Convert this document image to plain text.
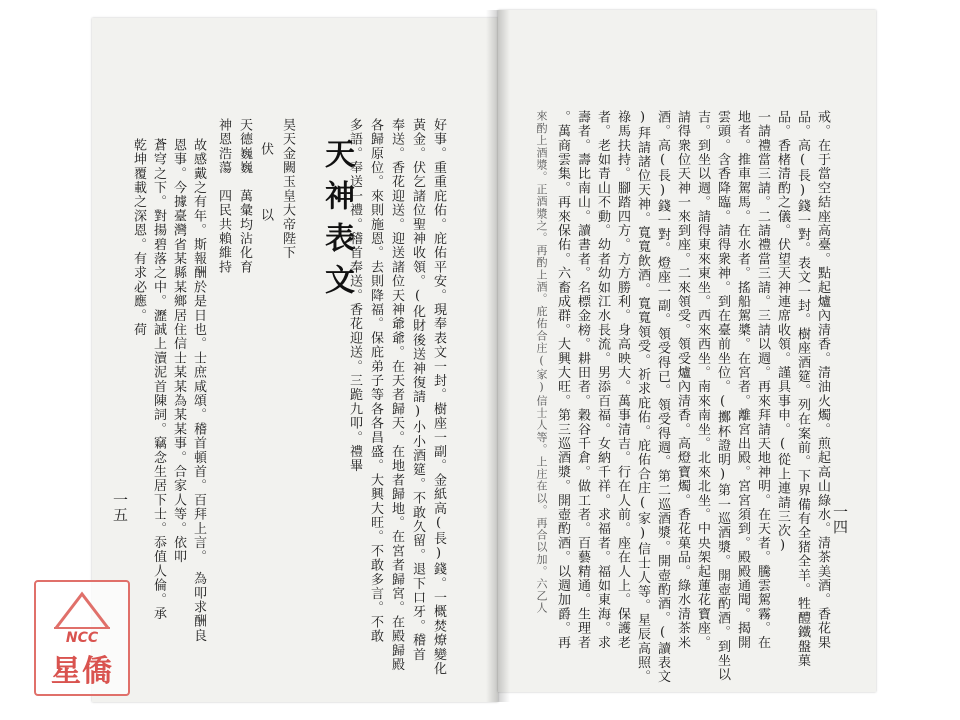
一五	好事。重重庇佑。庇佑平安。現奉表文一封。樹座一副。金紙高(長)錢。一概焚燎變化
黃金。伏乞諸位聖神收領。(化財後送神復請)小小酒筵。不敢久留。退下口牙。稽首
奉送。香花迎送。迎送諸位天神爺爺。在天者歸天。在地者歸地。在宮者歸宮。在殿歸殿
各歸原位。來則施恩。去則降福。保庇弟子等各各昌盛。大興大旺。不敢多言。不敢
多語。奉送一禮。稽首奉送。香花迎送。三跪九叩。禮畢
天神表文
昊天金闕玉皇大帝陛下
伏
以
天德巍巍　萬彙均沾化育
神恩浩蕩　四民共賴維持
故感戴之有年。斯報酬於是日也。士庶咸頌。稽首頓首。百拜上言。　為叩求酬良
恩事。今據臺灣省某縣某鄉居住信士某某為某某事。合家人等。依叩
蒼穹之下。對揚碧落之中。瀝誠上瀆泥首陳詞。竊念生居下士。忝值人倫。承
乾坤覆載之深恩。有求必應。荷
一四
戒。在于當空結座高臺。點起爐內清香。清油火燭。煎起高山綠水。清茶美酒。香花果
品。高(長)錢一對。表文一封。樹座酒筵。列在案前。下界備有全猪全羊。牲醴鐵盤菓
品。香楮清酌之儀。伏望天神連席收領。謹具事申。(從上連請三次)
一請禮當三請。二請禮當三請。三請以週。再來拜請天地神明。在天者。騰雲駕霧。在
地者。推車駕馬。在水者。搖船駕槳。在宮者。離宮出殿。宮宮須到。殿殿通聞。揭開
雲頭。含香降臨。請得衆神。到在臺前坐位。(擲杯證明)第一巡酒漿。開壺酌酒。到坐以
吉。到坐以週。請得東來東坐。西來西坐。南來南坐。北來北坐。中央架起蓮花寶座。
請得衆位天神一來到座。二來領受。領受爐內清香。高燈寶燭。香花菓品。綠水清茶米
酒。高(長)錢一對。燈座一副。領受得已。領受得週。第二巡酒漿。開壺酌酒。(讀表文
)拜請諸位天神。寬寬飲酒。寬寬領受。祈求庇佑。庇佑合庄(家)信士人等。星辰高照。
祿馬扶持。腳踏四方。方方勝利。身高映大。萬事清吉。行在人前。座在人上。保護老
者。老如青山不動。幼者幼如江水長流。男添百福。女納千祥。求福者。福如東海。求
壽者。壽比南山。讀書者。名標金榜。耕田者。穀谷千倉。做工者。百藝精通。生理者
。萬商雲集。再來保佑。六畜成群。大興大旺。第三巡酒漿。開壺酌酒。以週加爵。再
來酌上酒漿。正酒漿之。再酌上酒。庇佑合庄(家)信士人等。上庄在以。再合以加。六乙人
NCC
星僑
